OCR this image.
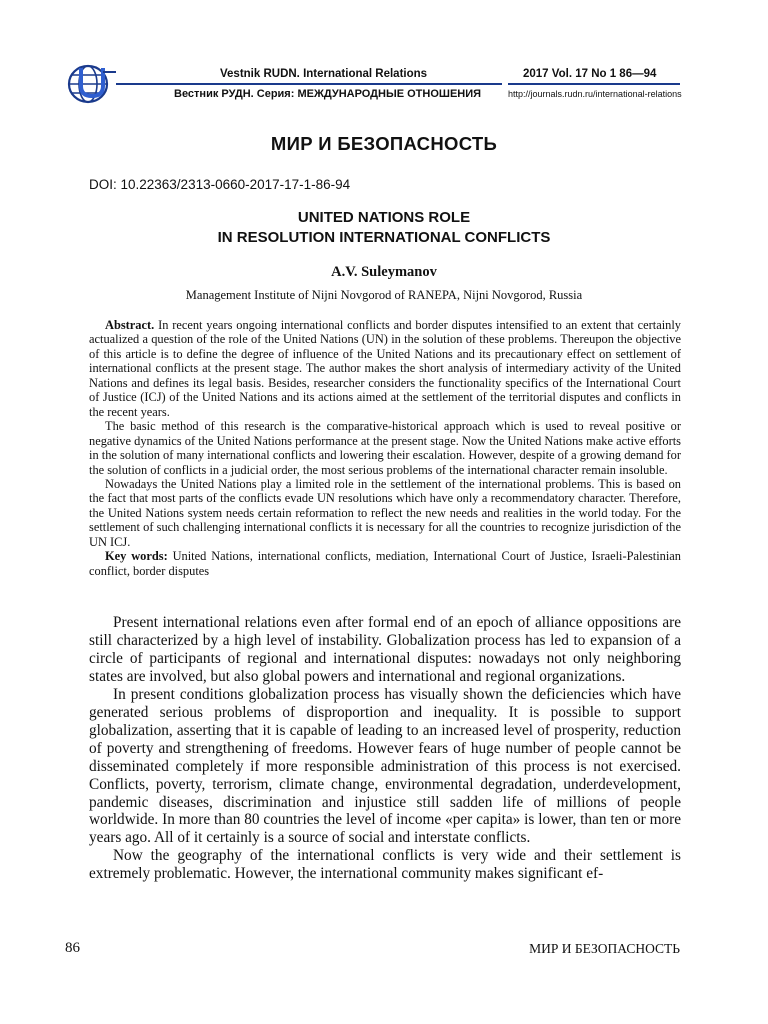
Vestnik RUDN. International Relations
Вестник РУДН. Серия: МЕЖДУНАРОДНЫЕ ОТНОШЕНИЯ
2017 Vol. 17 No 1 86—94
http://journals.rudn.ru/international-relations
МИР И БЕЗОПАСНОСТЬ
DOI: 10.22363/2313-0660-2017-17-1-86-94
UNITED NATIONS ROLE
IN RESOLUTION INTERNATIONAL CONFLICTS
A.V. Suleymanov
Management Institute of Nijni Novgorod of RANEPA, Nijni Novgorod, Russia

Abstract. In recent years ongoing international conflicts and border disputes intensified to an extent that certainly actualized a question of the role of the United Nations (UN) in the solution of these problems. Thereupon the objective of this article is to define the degree of influence of the United Nations and its precautionary effect on settlement of international conflicts at the present stage. The author makes the short analysis of intermediary activity of the United Nations and defines its legal basis. Besides, researcher considers the functionality specifics of the International Court of Justice (ICJ) of the United Nations and its actions aimed at the settlement of the territorial disputes and conflicts in the recent years.

The basic method of this research is the comparative-historical approach which is used to reveal positive or negative dynamics of the United Nations performance at the present stage. Now the United Nations make active efforts in the solution of many international conflicts and lowering their escalation. However, despite of a growing demand for the solution of conflicts in a judicial order, the most serious problems of the international character remain insoluble.

Nowadays the United Nations play a limited role in the settlement of the international problems. This is based on the fact that most parts of the conflicts evade UN resolutions which have only a recommendatory character. Therefore, the United Nations system needs certain reformation to reflect the new needs and realities in the world today. For the settlement of such challenging international conflicts it is necessary for all the countries to recognize jurisdiction of the UN ICJ.

Key words: United Nations, international conflicts, mediation, International Court of Justice, Israeli-Palestinian conflict, border disputes

Present international relations even after formal end of an epoch of alliance oppositions are still characterized by a high level of instability. Globalization process has led to expansion of a circle of participants of regional and international disputes: nowadays not only neighboring states are involved, but also global powers and international and regional organizations.

In present conditions globalization process has visually shown the deficiencies which have generated serious problems of disproportion and inequality. It is possible to support globalization, asserting that it is capable of leading to an increased level of prosperity, reduction of poverty and strengthening of freedoms. However fears of huge number of people cannot be disseminated completely if more responsible administration of this process is not exercised. Conflicts, poverty, terrorism, climate change, environmental degradation, underdevelopment, pandemic diseases, discrimination and injustice still sadden life of millions of people worldwide. In more than 80 countries the level of income «per capita» is lower, than ten or more years ago. All of it certainly is a source of social and interstate conflicts.

Now the geography of the international conflicts is very wide and their settlement is extremely problematic. However, the international community makes significant ef-

86	МИР И БЕЗОПАСНОСТЬ
